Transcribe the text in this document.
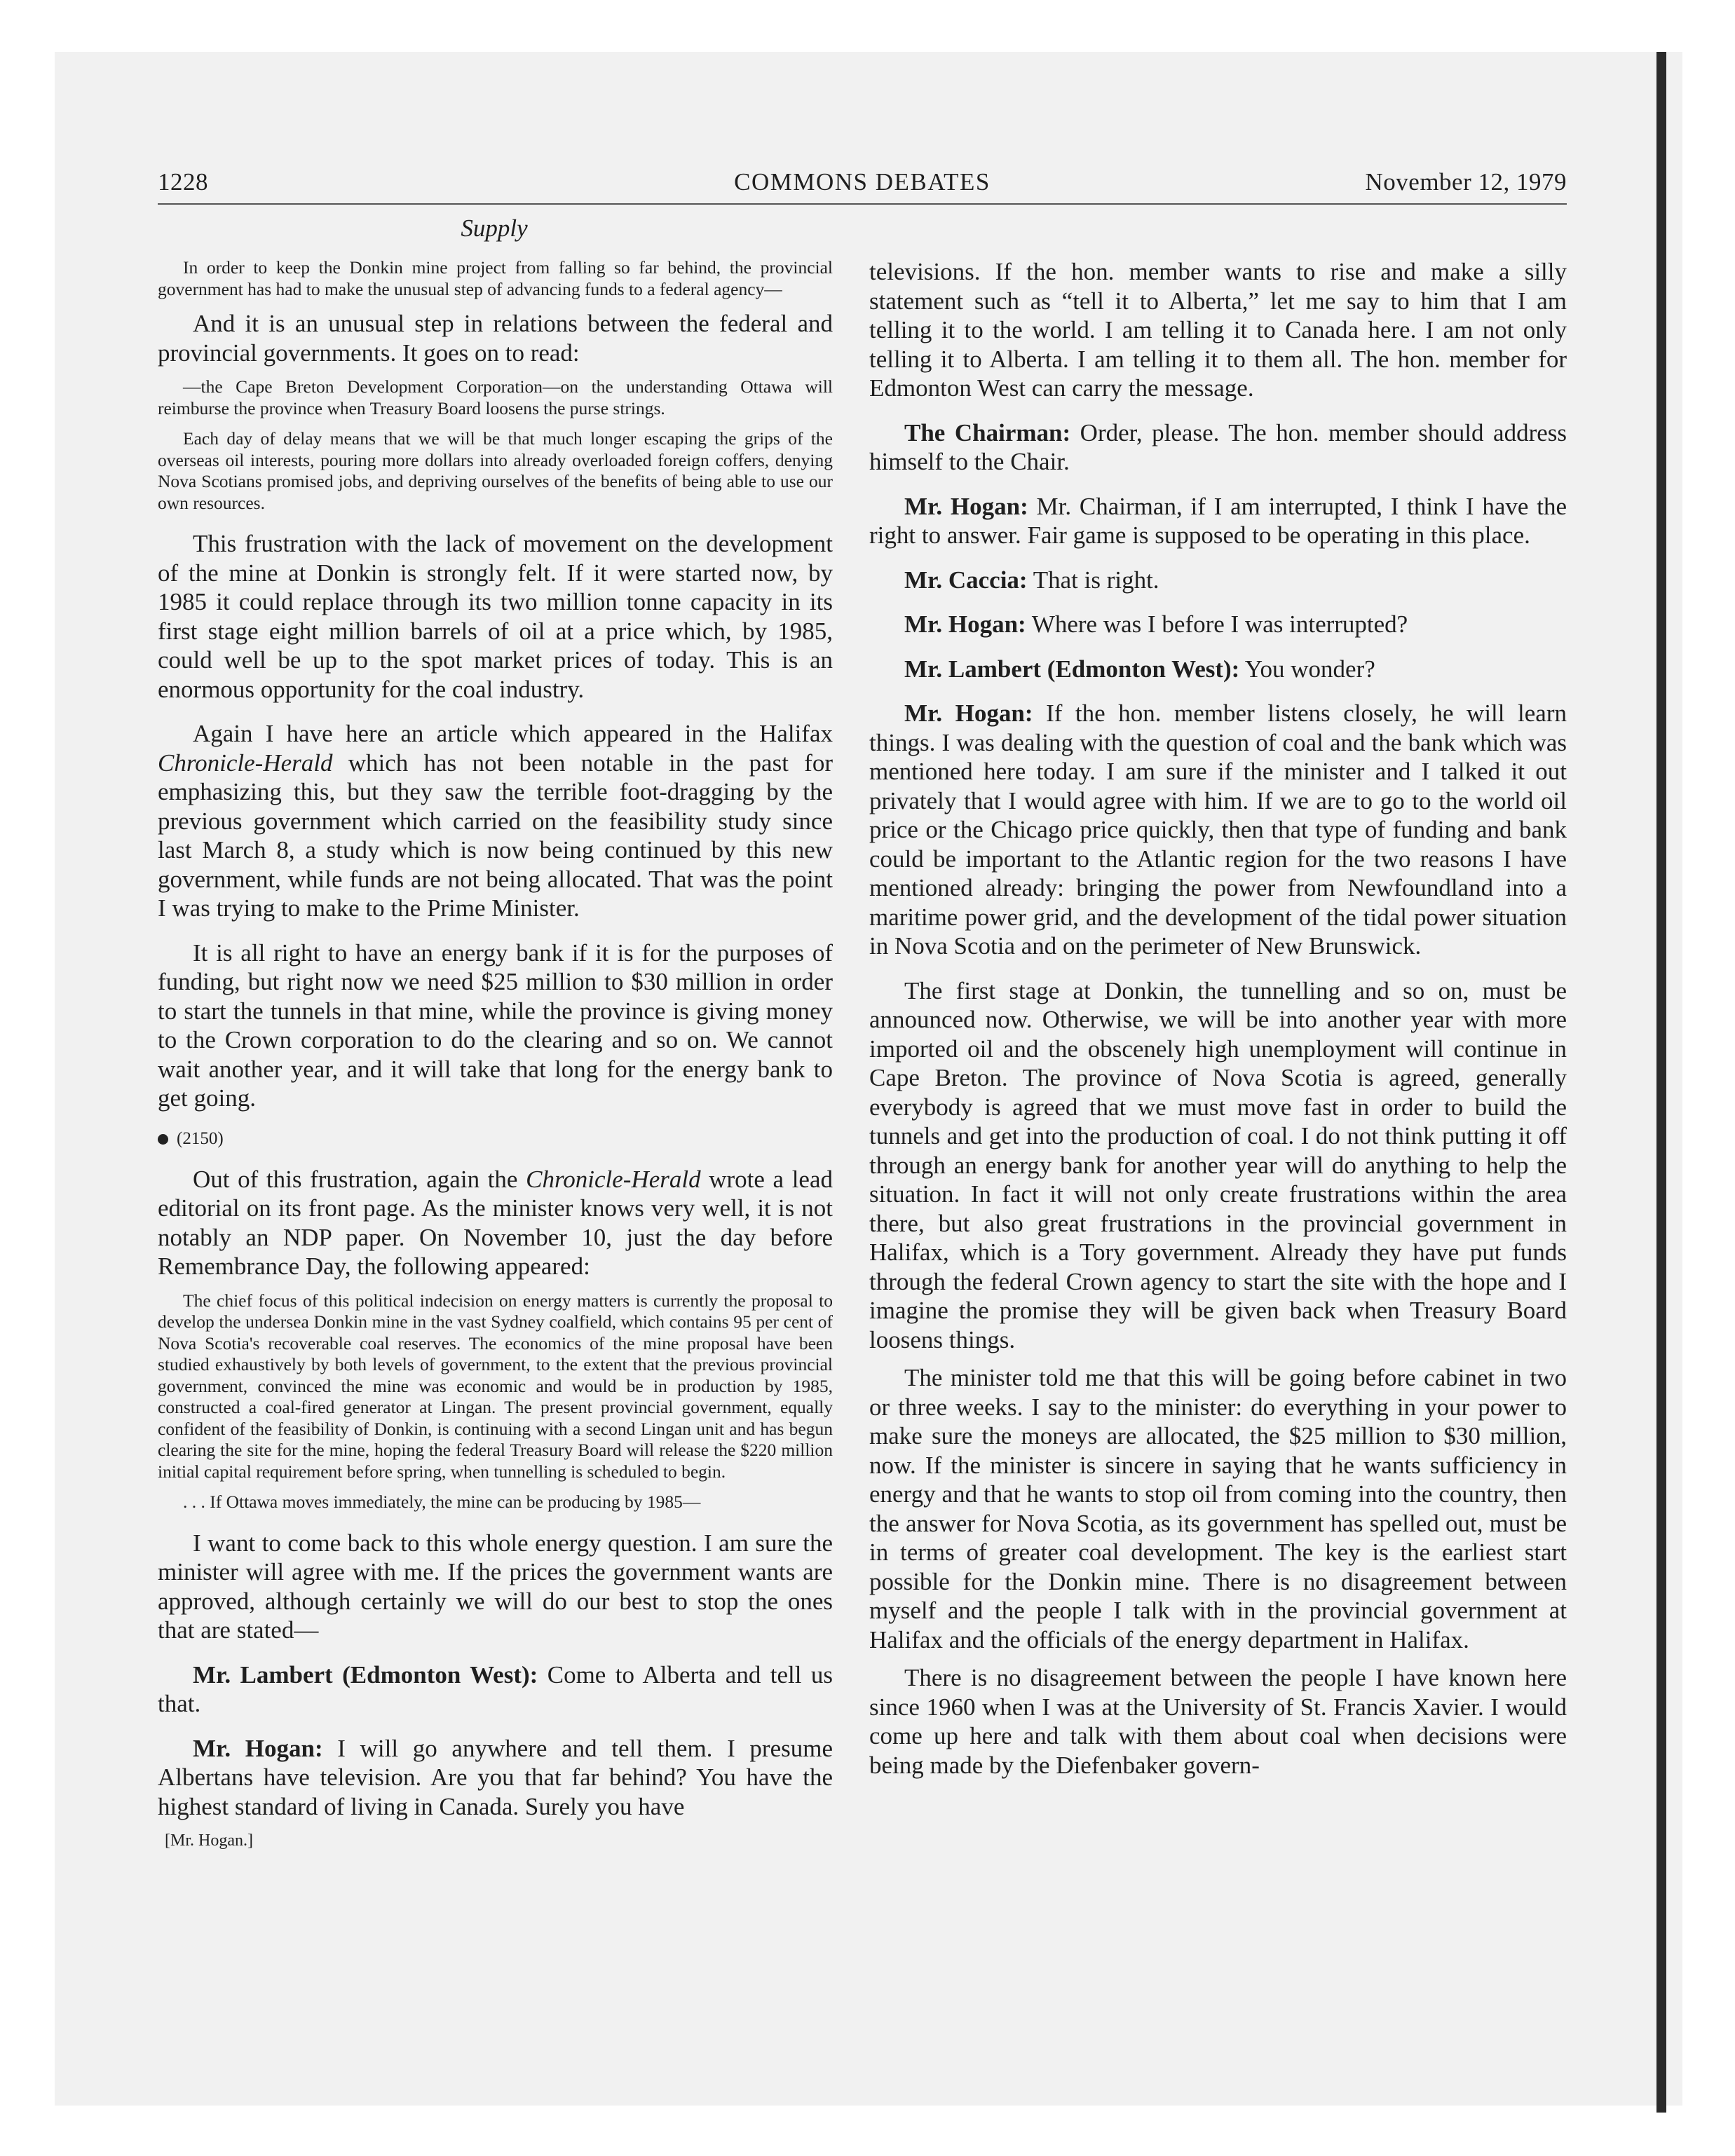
1228	COMMONS DEBATES	November 12, 1979
Supply

In order to keep the Donkin mine project from falling so far behind, the provincial government has had to make the unusual step of advancing funds to a federal agency—

And it is an unusual step in relations between the federal and provincial governments. It goes on to read:

—the Cape Breton Development Corporation—on the understanding Ottawa will reimburse the province when Treasury Board loosens the purse strings.

Each day of delay means that we will be that much longer escaping the grips of the overseas oil interests, pouring more dollars into already overloaded foreign coffers, denying Nova Scotians promised jobs, and depriving ourselves of the benefits of being able to use our own resources.

This frustration with the lack of movement on the development of the mine at Donkin is strongly felt. If it were started now, by 1985 it could replace through its two million tonne capacity in its first stage eight million barrels of oil at a price which, by 1985, could well be up to the spot market prices of today. This is an enormous opportunity for the coal industry.

Again I have here an article which appeared in the Halifax Chronicle-Herald which has not been notable in the past for emphasizing this, but they saw the terrible foot-dragging by the previous government which carried on the feasibility study since last March 8, a study which is now being continued by this new government, while funds are not being allocated. That was the point I was trying to make to the Prime Minister.

It is all right to have an energy bank if it is for the purposes of funding, but right now we need $25 million to $30 million in order to start the tunnels in that mine, while the province is giving money to the Crown corporation to do the clearing and so on. We cannot wait another year, and it will take that long for the energy bank to get going.

(2150)

Out of this frustration, again the Chronicle-Herald wrote a lead editorial on its front page. As the minister knows very well, it is not notably an NDP paper. On November 10, just the day before Remembrance Day, the following appeared:

The chief focus of this political indecision on energy matters is currently the proposal to develop the undersea Donkin mine in the vast Sydney coalfield, which contains 95 per cent of Nova Scotia's recoverable coal reserves. The economics of the mine proposal have been studied exhaustively by both levels of government, to the extent that the previous provincial government, convinced the mine was economic and would be in production by 1985, constructed a coal-fired generator at Lingan. The present provincial government, equally confident of the feasibility of Donkin, is continuing with a second Lingan unit and has begun clearing the site for the mine, hoping the federal Treasury Board will release the $220 million initial capital requirement before spring, when tunnelling is scheduled to begin.

. . . If Ottawa moves immediately, the mine can be producing by 1985—

I want to come back to this whole energy question. I am sure the minister will agree with me. If the prices the government wants are approved, although certainly we will do our best to stop the ones that are stated—

Mr. Lambert (Edmonton West): Come to Alberta and tell us that.

Mr. Hogan: I will go anywhere and tell them. I presume Albertans have television. Are you that far behind? You have the highest standard of living in Canada. Surely you have

[Mr. Hogan.]

televisions. If the hon. member wants to rise and make a silly statement such as “tell it to Alberta,” let me say to him that I am telling it to the world. I am telling it to Canada here. I am not only telling it to Alberta. I am telling it to them all. The hon. member for Edmonton West can carry the message.

The Chairman: Order, please. The hon. member should address himself to the Chair.

Mr. Hogan: Mr. Chairman, if I am interrupted, I think I have the right to answer. Fair game is supposed to be operating in this place.

Mr. Caccia: That is right.

Mr. Hogan: Where was I before I was interrupted?

Mr. Lambert (Edmonton West): You wonder?

Mr. Hogan: If the hon. member listens closely, he will learn things. I was dealing with the question of coal and the bank which was mentioned here today. I am sure if the minister and I talked it out privately that I would agree with him. If we are to go to the world oil price or the Chicago price quickly, then that type of funding and bank could be important to the Atlantic region for the two reasons I have mentioned already: bringing the power from Newfoundland into a maritime power grid, and the development of the tidal power situation in Nova Scotia and on the perimeter of New Brunswick.

The first stage at Donkin, the tunnelling and so on, must be announced now. Otherwise, we will be into another year with more imported oil and the obscenely high unemployment will continue in Cape Breton. The province of Nova Scotia is agreed, generally everybody is agreed that we must move fast in order to build the tunnels and get into the production of coal. I do not think putting it off through an energy bank for another year will do anything to help the situation. In fact it will not only create frustrations within the area there, but also great frustrations in the provincial government in Halifax, which is a Tory government. Already they have put funds through the federal Crown agency to start the site with the hope and I imagine the promise they will be given back when Treasury Board loosens things.

The minister told me that this will be going before cabinet in two or three weeks. I say to the minister: do everything in your power to make sure the moneys are allocated, the $25 million to $30 million, now. If the minister is sincere in saying that he wants sufficiency in energy and that he wants to stop oil from coming into the country, then the answer for Nova Scotia, as its government has spelled out, must be in terms of greater coal development. The key is the earliest start possible for the Donkin mine. There is no disagreement between myself and the people I talk with in the provincial government at Halifax and the officials of the energy department in Halifax.

There is no disagreement between the people I have known here since 1960 when I was at the University of St. Francis Xavier. I would come up here and talk with them about coal when decisions were being made by the Diefenbaker govern-
